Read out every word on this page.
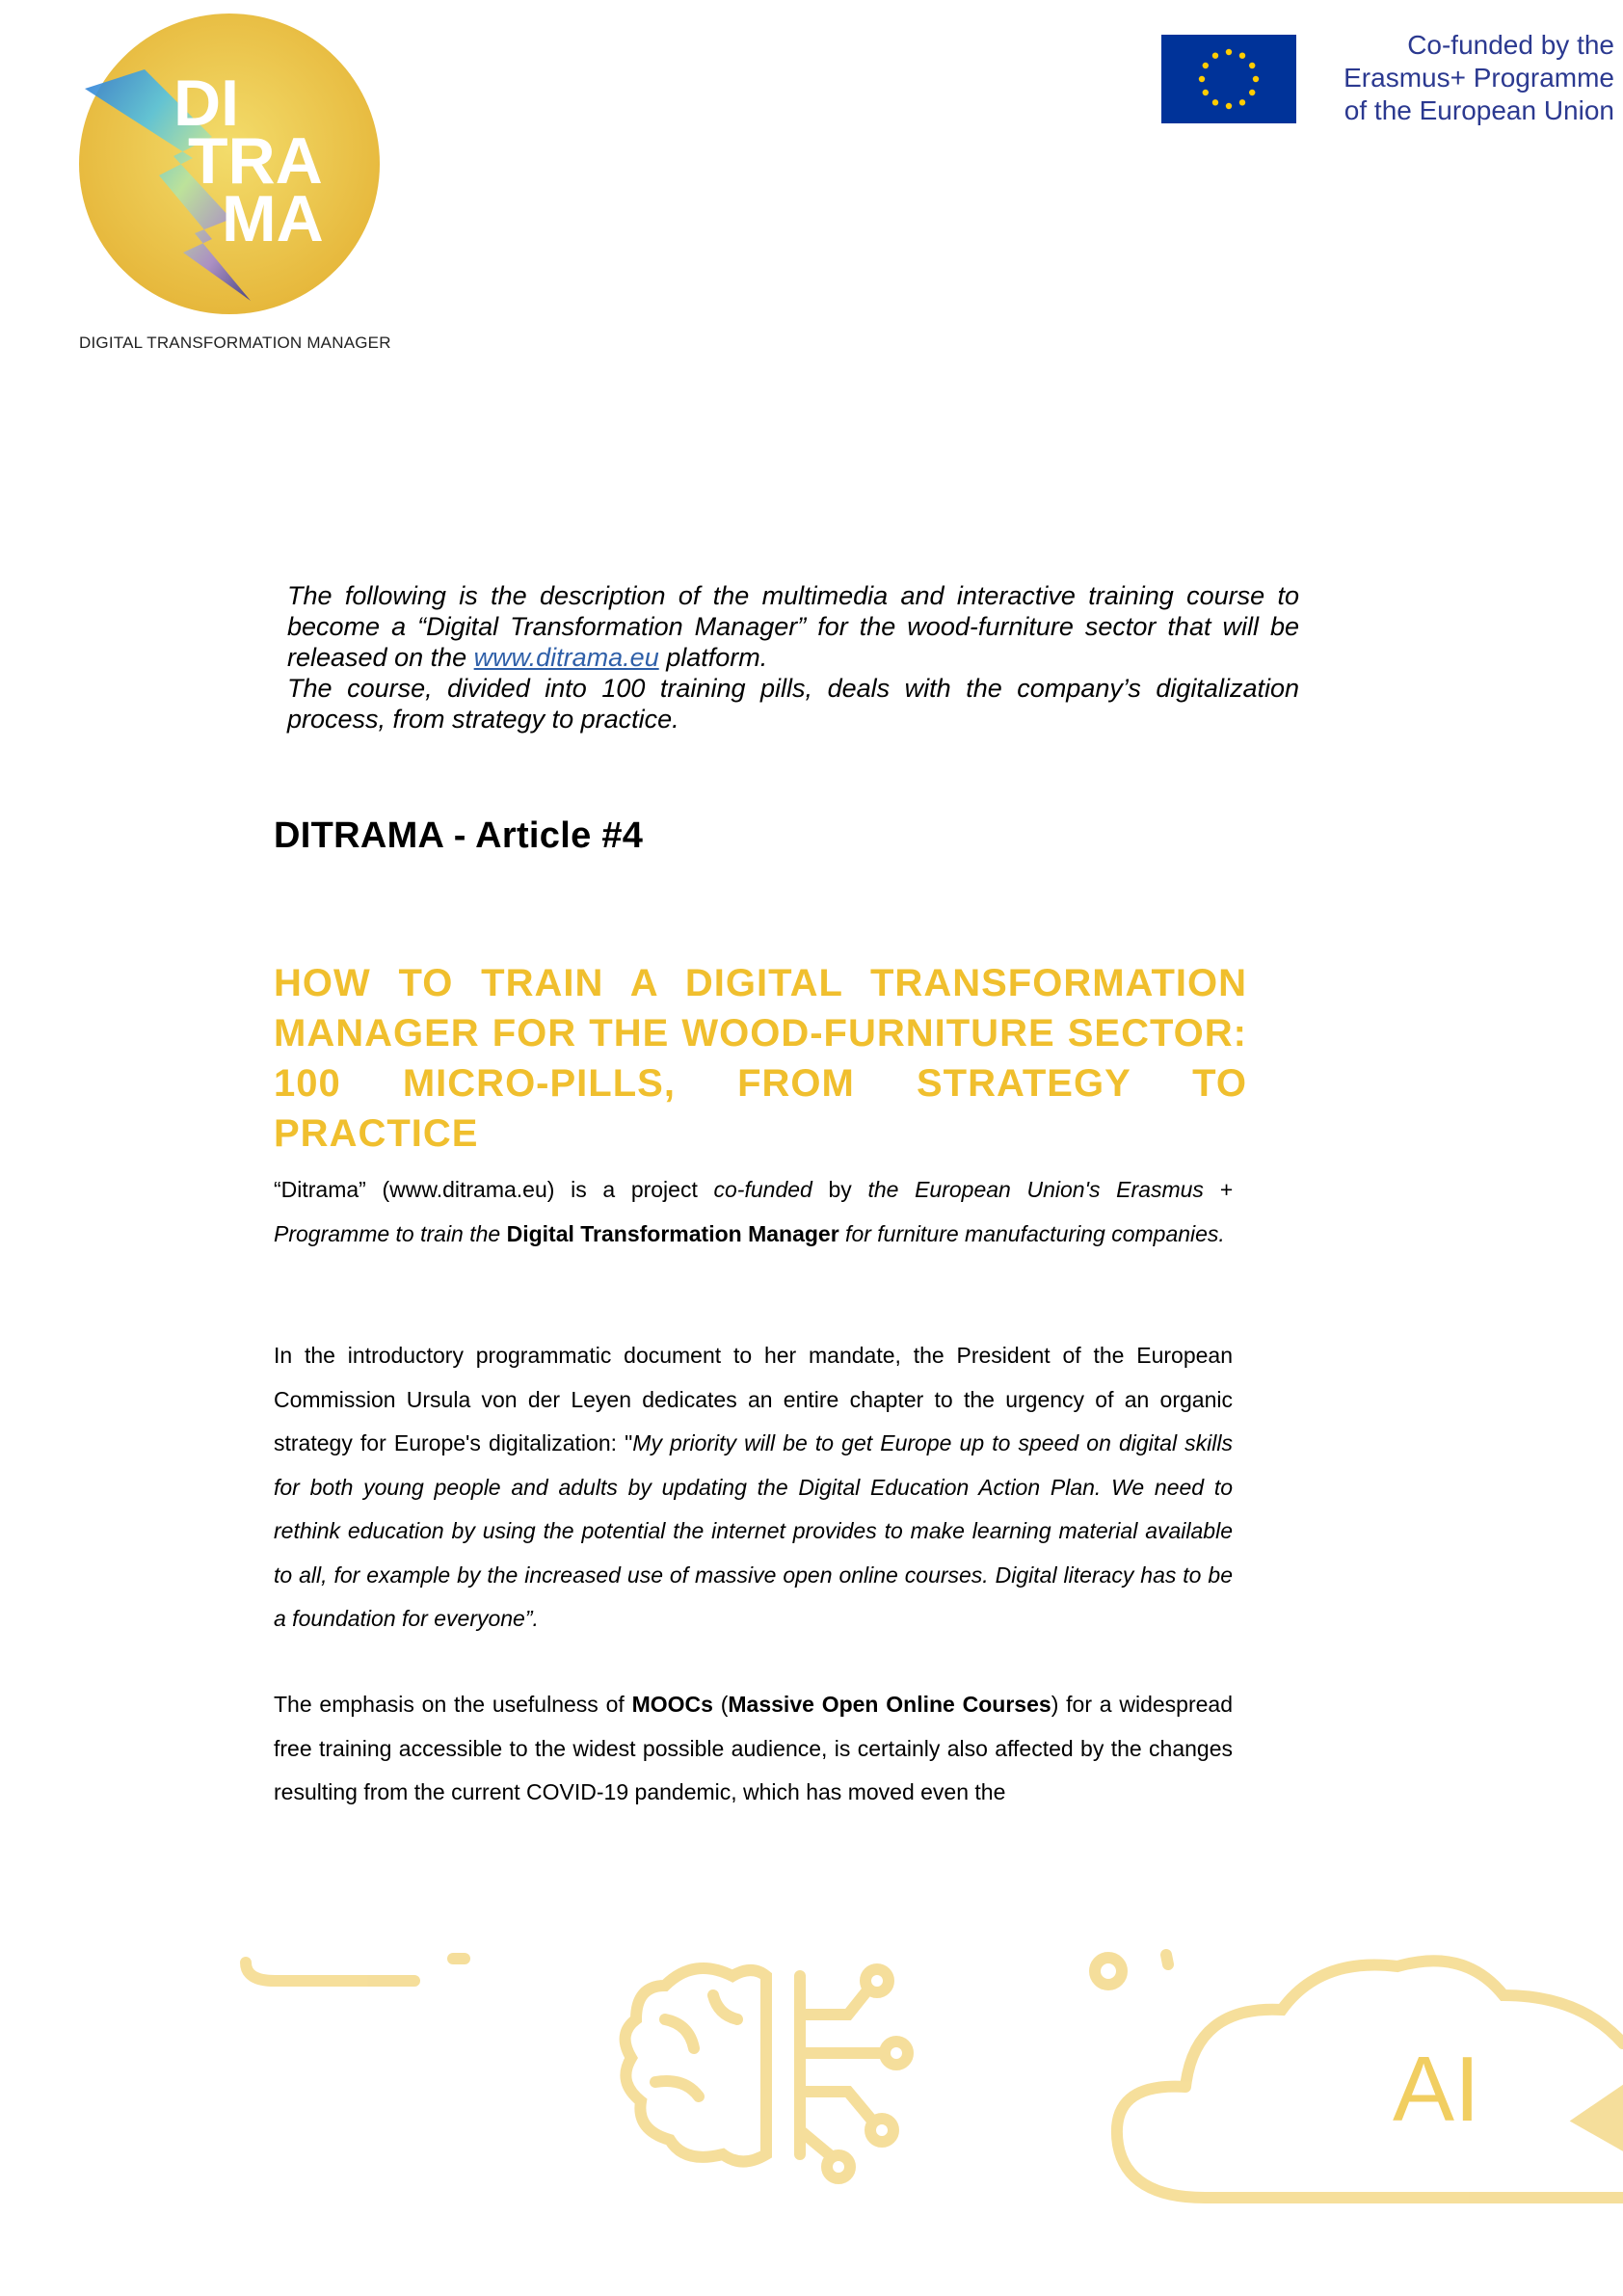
DI
TRA
MA
DIGITAL TRANSFORMATION MANAGER
Co-funded by the
Erasmus+ Programme
of the European Union

The following is the description of the multimedia and interactive training course to become a “Digital Transformation Manager” for the wood-furniture sector that will be released on the www.ditrama.eu platform.

The course, divided into 100 training pills, deals with the company’s digitalization process, from strategy to practice.

DITRAMA - Article #4
HOW TO TRAIN A DIGITAL TRANSFORMATION
MANAGER FOR THE WOOD-FURNITURE SECTOR:
100 MICRO-PILLS, FROM STRATEGY TO PRACTICE

“Ditrama” (www.ditrama.eu) is a project co-funded by the European Union's Erasmus + Programme to train the Digital Transformation Manager for furniture manufacturing companies.

In the introductory programmatic document to her mandate, the President of the European Commission Ursula von der Leyen dedicates an entire chapter to the urgency of an organic strategy for Europe's digitalization: "My priority will be to get Europe up to speed on digital skills for both young people and adults by updating the Digital Education Action Plan. We need to rethink education by using the potential the internet provides to make learning material available to all, for example by the increased use of massive open online courses. Digital literacy has to be a foundation for everyone”.

The emphasis on the usefulness of MOOCs (Massive Open Online Courses) for a widespread free training accessible to the widest possible audience, is certainly also affected by the changes resulting from the current COVID-19 pandemic, which has moved even the

AI
